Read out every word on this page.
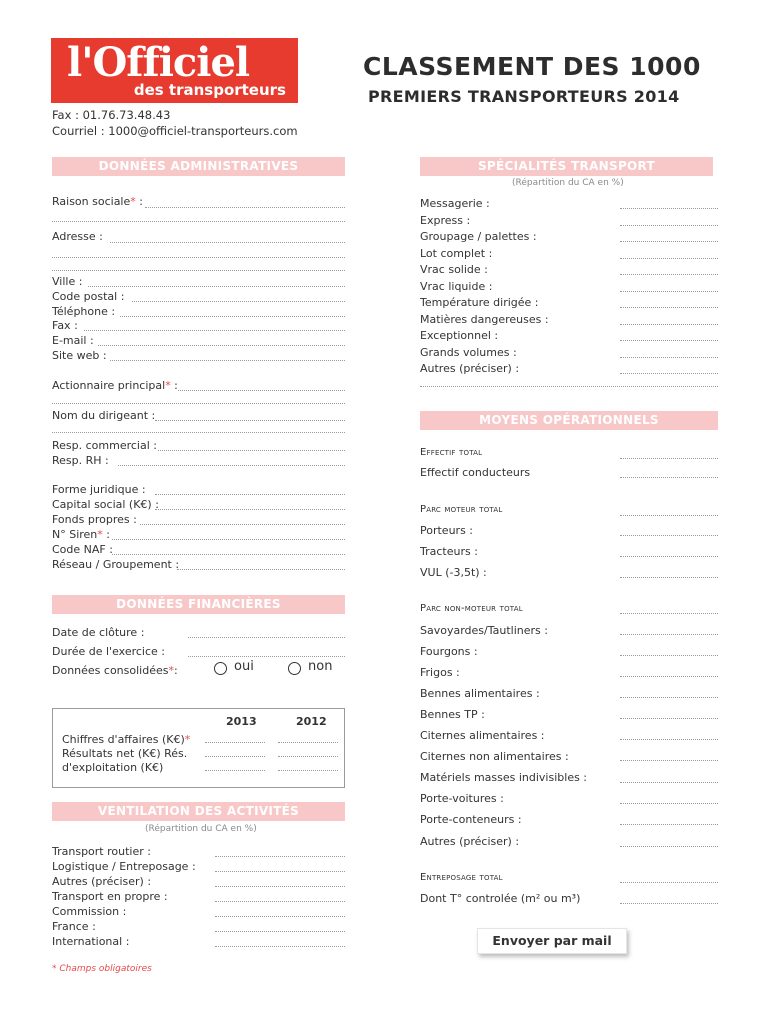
l'Officiel
des transporteurs
CLASSEMENT DES 1000
PREMIERS TRANSPORTEURS 2014
Fax : 01.76.73.48.43
Courriel : 1000@officiel-transporteurs.com
DONNÉES ADMINISTRATIVES
Raison sociale* :
Adresse :
Ville :
Code postal :
Téléphone :
Fax :
E-mail :
Site web :
Actionnaire principal* :
Nom du dirigeant :
Resp. commercial :
Resp. RH :
Forme juridique :
Capital social (K€) :
Fonds propres :
N° Siren* :
Code NAF :
Réseau / Groupement :
DONNÉES FINANCIÈRES
Date de clôture :
Durée de l'exercice :
Données consolidées*:	oui	non
2013	2012
Chiffres d'affaires (K€)*
Résultats net (K€) Rés.
d'exploitation (K€)
VENTILATION DES ACTIVITÉS
(Répartition du CA en %)
Transport routier :
Logistique / Entreposage :
Autres (préciser) :
Transport en propre :
Commission :
France :
International :
* Champs obligatoires
SPÉCIALITÉS TRANSPORT
(Répartition du CA en %)
Messagerie :
Express :
Groupage / palettes :
Lot complet :
Vrac solide :
Vrac liquide :
Température dirigée :
Matières dangereuses :
Exceptionnel :
Grands volumes :
Autres (préciser) :
MOYENS OPÉRATIONNELS
Effectif total
Effectif conducteurs
Parc moteur total
Porteurs :
Tracteurs :
VUL (-3,5t) :
Parc non-moteur total
Savoyardes/Tautliners :
Fourgons :
Frigos :
Bennes alimentaires :
Bennes TP :
Citernes alimentaires :
Citernes non alimentaires :
Matériels masses indivisibles :
Porte-voitures :
Porte-conteneurs :
Autres (préciser) :
Entreposage total
Dont T° controlée (m² ou m³)
Envoyer par mail
